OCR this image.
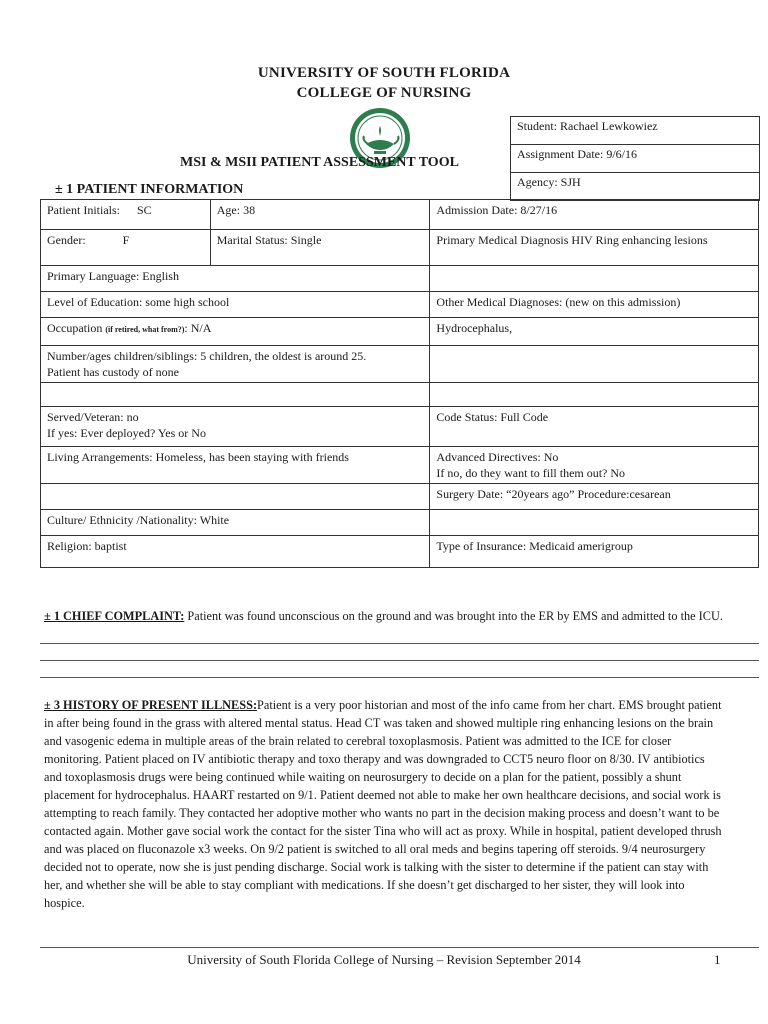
UNIVERSITY OF SOUTH FLORIDA
COLLEGE OF NURSING
MSI & MSII PATIENT ASSESSMENT TOOL
Student: Rachael Lewkowiez
Assignment Date: 9/6/16
Agency: SJH
± 1 PATIENT INFORMATION
Patient Initials: SC	Age: 38	Admission Date: 8/27/16
Gender: F	Marital Status: Single	Primary Medical Diagnosis HIV Ring enhancing lesions
Primary Language: English		
Level of Education: some high school		Other Medical Diagnoses: (new on this admission)
Occupation (if retired, what from?): N/A		Hydrocephalus,

Number/ages children/siblings: 5 children, the oldest is around 25.
Patient has custody of none		

Served/Veteran: no
If yes: Ever deployed? Yes or No		Code Status: Full Code
Living Arrangements: Homeless, has been staying with friends		Advanced Directives: No
If no, do they want to fill them out? No

		Surgery Date: “20years ago” Procedure:cesarean
Culture/ Ethnicity /Nationality: White		
Religion: baptist		Type of Insurance: Medicaid amerigroup
± 1 CHIEF COMPLAINT: Patient was found unconscious on the ground and was brought into the ER by EMS and admitted to the ICU.
± 3 HISTORY OF PRESENT ILLNESS:Patient is a very poor historian and most of the info came from her chart. EMS brought patient in after being found in the grass with altered mental status. Head CT was taken and showed multiple ring enhancing lesions on the brain and vasogenic edema in multiple areas of the brain related to cerebral toxoplasmosis. Patient was admitted to the ICE for closer monitoring. Patient placed on IV antibiotic therapy and toxo therapy and was downgraded to CCT5 neuro floor on 8/30. IV antibiotics and toxoplasmosis drugs were being continued while waiting on neurosurgery to decide on a plan for the patient, possibly a shunt placement for hydrocephalus. HAART restarted on 9/1. Patient deemed not able to make her own healthcare decisions, and social work is attempting to reach family. They contacted her adoptive mother who wants no part in the decision making process and doesn’t want to be contacted again. Mother gave social work the contact for the sister Tina who will act as proxy. While in hospital, patient developed thrush and was placed on fluconazole x3 weeks. On 9/2 patient is switched to all oral meds and begins tapering off steroids. 9/4 neurosurgery decided not to operate, now she is just pending discharge. Social work is talking with the sister to determine if the patient can stay with her, and whether she will be able to stay compliant with medications. If she doesn’t get discharged to her sister, they will look into hospice.
University of South Florida College of Nursing – Revision September 2014	1
